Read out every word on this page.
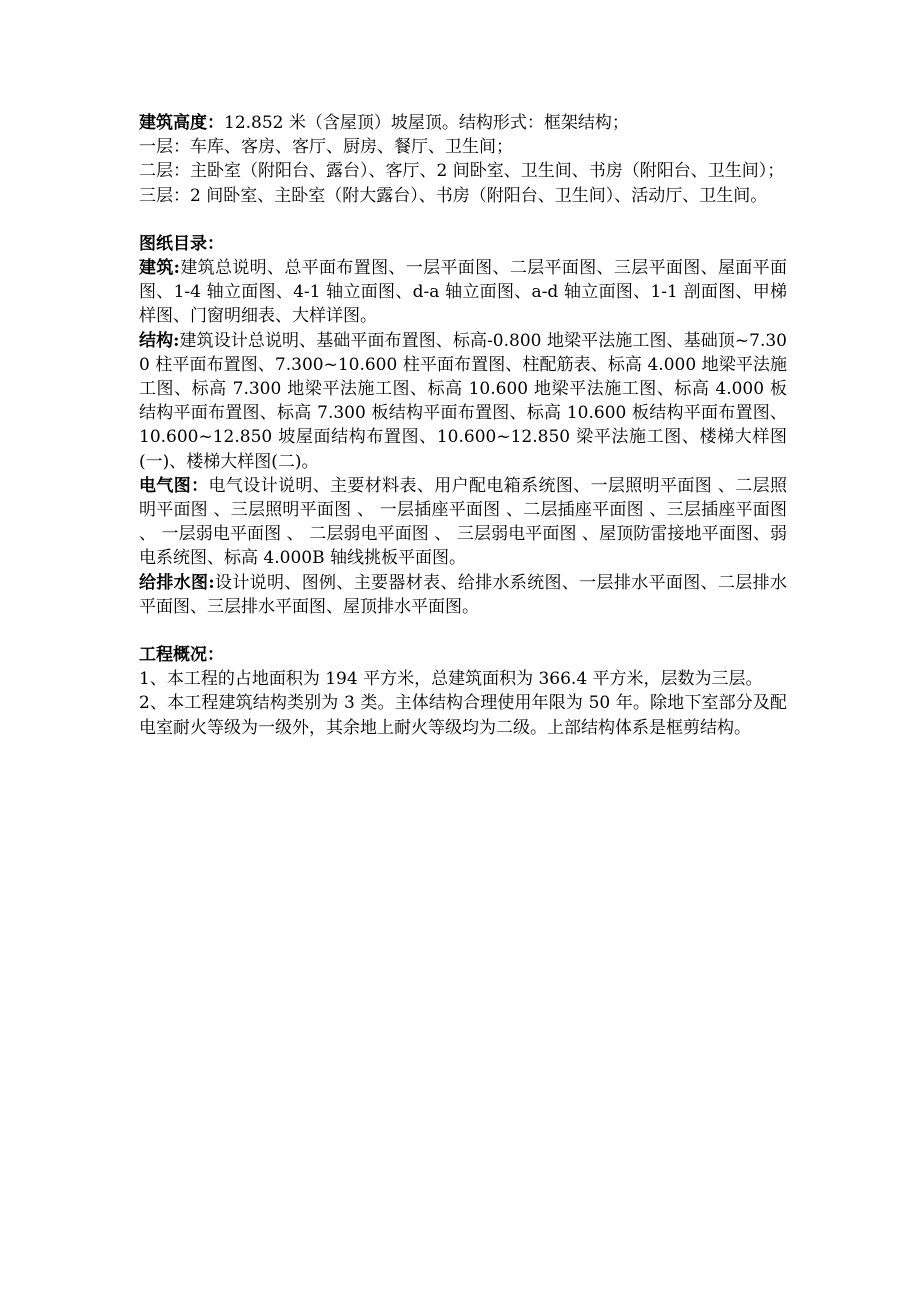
建筑高度：12.852 米（含屋顶）坡屋顶。结构形式：框架结构；

一层：车库、客房、客厅、厨房、餐厅、卫生间；

二层：主卧室（附阳台、露台）、客厅、2 间卧室、卫生间、书房（附阳台、卫生间）；

三层：2 间卧室、主卧室（附大露台）、书房（附阳台、卫生间）、活动厅、卫生间。

图纸目录：

建筑:建筑总说明、总平面布置图、一层平面图、二层平面图、三层平面图、屋面平面图、1-4 轴立面图、4-1 轴立面图、d-a 轴立面图、a-d 轴立面图、1-1 剖面图、甲梯样图、门窗明细表、大样详图。

结构:建筑设计总说明、基础平面布置图、标高-0.800 地梁平法施工图、基础顶~7.300 柱平面布置图、7.300~10.600 柱平面布置图、柱配筋表、标高 4.000 地梁平法施工图、标高 7.300 地梁平法施工图、标高 10.600 地梁平法施工图、标高 4.000 板结构平面布置图、标高 7.300 板结构平面布置图、标高 10.600 板结构平面布置图、10.600~12.850 坡屋面结构布置图、10.600~12.850 梁平法施工图、楼梯大样图(一)、楼梯大样图(二)。

电气图：电气设计说明、主要材料表、用户配电箱系统图、一层照明平面图 、二层照明平面图 、三层照明平面图 、 一层插座平面图 、二层插座平面图 、三层插座平面图 、 一层弱电平面图 、 二层弱电平面图 、 三层弱电平面图 、屋顶防雷接地平面图、弱电系统图、标高 4.000B 轴线挑板平面图。

给排水图:设计说明、图例、主要器材表、给排水系统图、一层排水平面图、二层排水平面图、三层排水平面图、屋顶排水平面图。

工程概况：

1、本工程的占地面积为 194 平方米，总建筑面积为 366.4 平方米，层数为三层。

2、本工程建筑结构类别为 3 类。主体结构合理使用年限为 50 年。除地下室部分及配电室耐火等级为一级外，其余地上耐火等级均为二级。上部结构体系是框剪结构。
